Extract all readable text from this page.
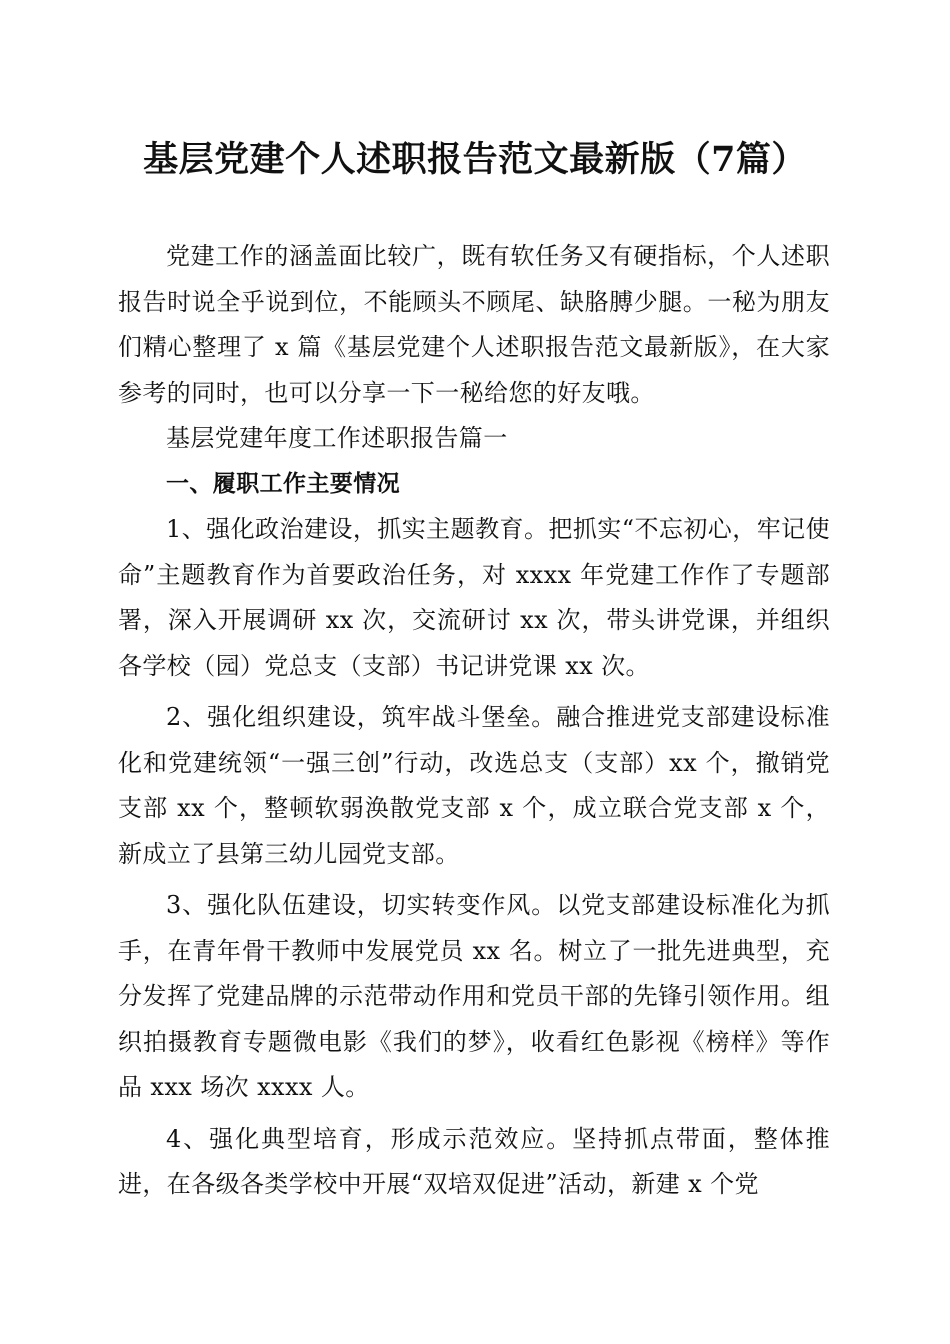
基层党建个人述职报告范文最新版（7篇）

党建工作的涵盖面比较广，既有软任务又有硬指标，个人述职报告时说全乎说到位，不能顾头不顾尾、缺胳膊少腿。一秘为朋友们精心整理了 x 篇《基层党建个人述职报告范文最新版》，在大家参考的同时，也可以分享一下一秘给您的好友哦。

基层党建年度工作述职报告篇一

一、履职工作主要情况

1、强化政治建设，抓实主题教育。把抓实“不忘初心，牢记使命”主题教育作为首要政治任务，对 xxxx 年党建工作作了专题部署，深入开展调研 xx 次，交流研讨 xx 次，带头讲党课，并组织各学校（园）党总支（支部）书记讲党课 xx 次。

2、强化组织建设，筑牢战斗堡垒。融合推进党支部建设标准化和党建统领“一强三创”行动，改选总支（支部）xx 个，撤销党支部 xx 个，整顿软弱涣散党支部 x 个，成立联合党支部 x 个，新成立了县第三幼儿园党支部。

3、强化队伍建设，切实转变作风。以党支部建设标准化为抓手，在青年骨干教师中发展党员 xx 名。树立了一批先进典型，充分发挥了党建品牌的示范带动作用和党员干部的先锋引领作用。组织拍摄教育专题微电影《我们的梦》，收看红色影视《榜样》等作品 xxx 场次 xxxx 人。

4、强化典型培育，形成示范效应。坚持抓点带面，整体推进，在各级各类学校中开展“双培双促进”活动，新建 x 个党
